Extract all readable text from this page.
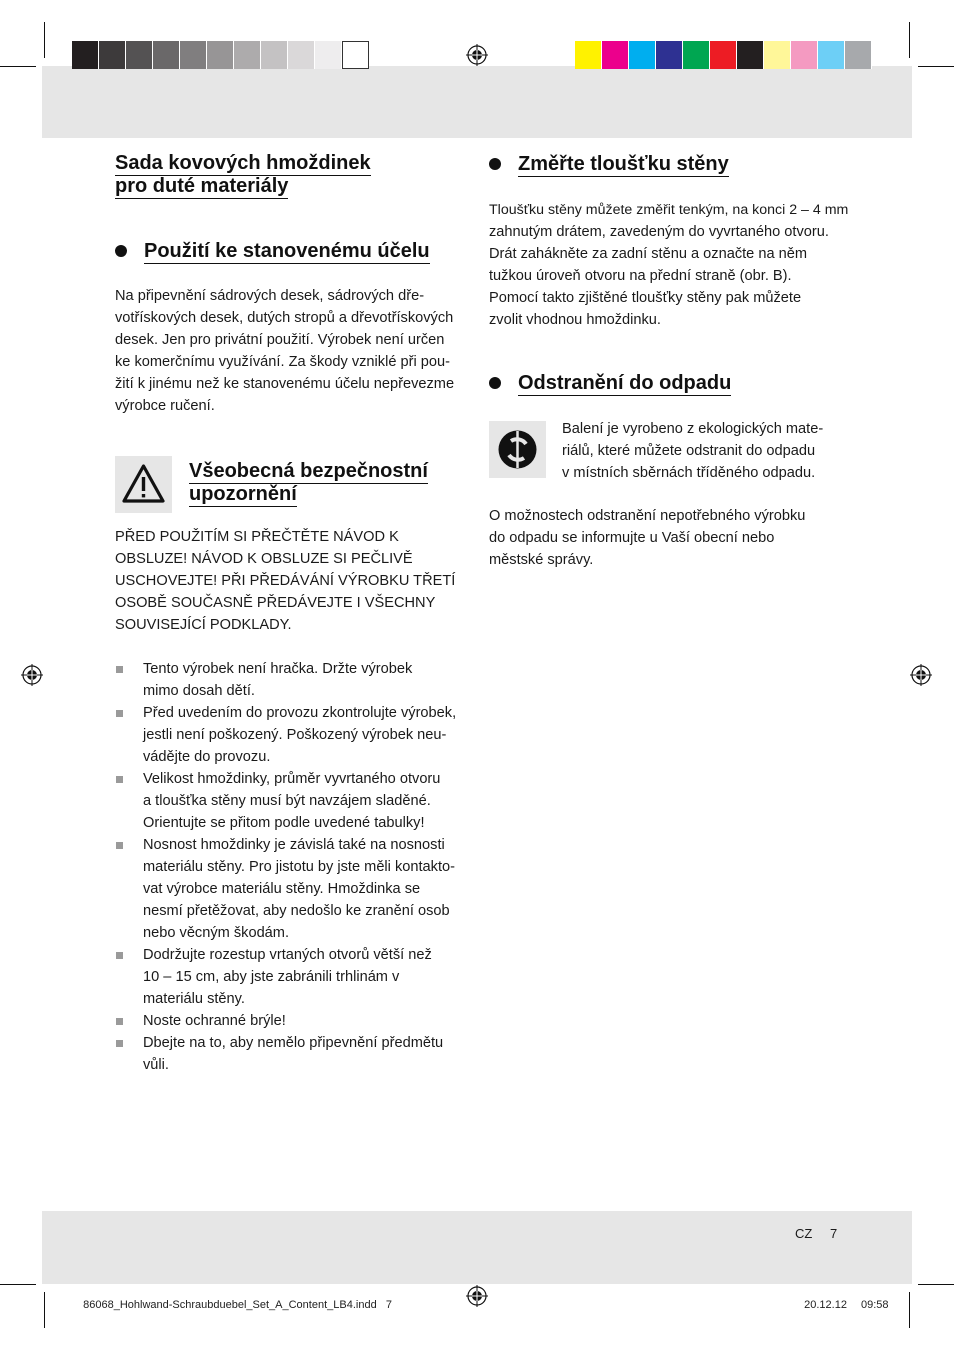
Sada kovových hmoždinek
pro duté materiály
Použití ke stanovenému účelu

Na připevnění sádrových desek, sádrových dře-

votřískových desek, dutých stropů a dřevotřískových

desek. Jen pro privátní použití. Výrobek není určen

ke komerčnímu využívání. Za škody vzniklé při pou-

žití k jinému než ke stanovenému účelu nepřevezme

výrobce ručení.

Všeobecná bezpečnostní
upozornění

PŘED POUŽITÍM SI PŘEČTĚTE NÁVOD K

OBSLUZE! NÁVOD K OBSLUZE SI PEČLIVĚ

USCHOVEJTE! PŘI PŘEDÁVÁNÍ VÝROBKU TŘETÍ

OSOBĚ SOUČASNĚ PŘEDÁVEJTE I VŠECHNY

SOUVISEJÍCÍ PODKLADY.

Tento výrobek není hračka. Držte výrobek
mimo dosah dětí.
Před uvedením do provozu zkontrolujte výrobek,
jestli není poškozený. Poškozený výrobek neu-
vádějte do provozu.
Velikost hmoždinky, průměr vyvrtaného otvoru
a tloušťka stěny musí být navzájem sladěné.
Orientujte se přitom podle uvedené tabulky!
Nosnost hmoždinky je závislá také na nosnosti
materiálu stěny. Pro jistotu by jste měli kontakto-
vat výrobce materiálu stěny. Hmoždinka se
nesmí přetěžovat, aby nedošlo ke zranění osob
nebo věcným škodám.
Dodržujte rozestup vrtaných otvorů větší než
10 – 15 cm, aby jste zabránili trhlinám v
materiálu stěny.
Noste ochranné brýle!
Dbejte na to, aby nemělo připevnění předmětu
vůli.
Změřte tloušťku stěny

Tloušťku stěny můžete změřit tenkým, na konci 2 – 4 mm

zahnutým drátem, zavedeným do vyvrtaného otvoru.

Drát zahákněte za zadní stěnu a označte na něm

tužkou úroveň otvoru na přední straně (obr. B).

Pomocí takto zjištěné tloušťky stěny pak můžete

zvolit vhodnou hmoždinku.

Odstranění do odpadu

Balení je vyrobeno z ekologických mate-

riálů, které můžete odstranit do odpadu

v místních sběrnách tříděného odpadu.

O možnostech odstranění nepotřebného výrobku

do odpadu se informujte u Vaší obecní nebo

městské správy.

CZ 7

86068_Hohlwand-Schraubduebel_Set_A_Content_LB4.indd   7	20.12.12 09:58
